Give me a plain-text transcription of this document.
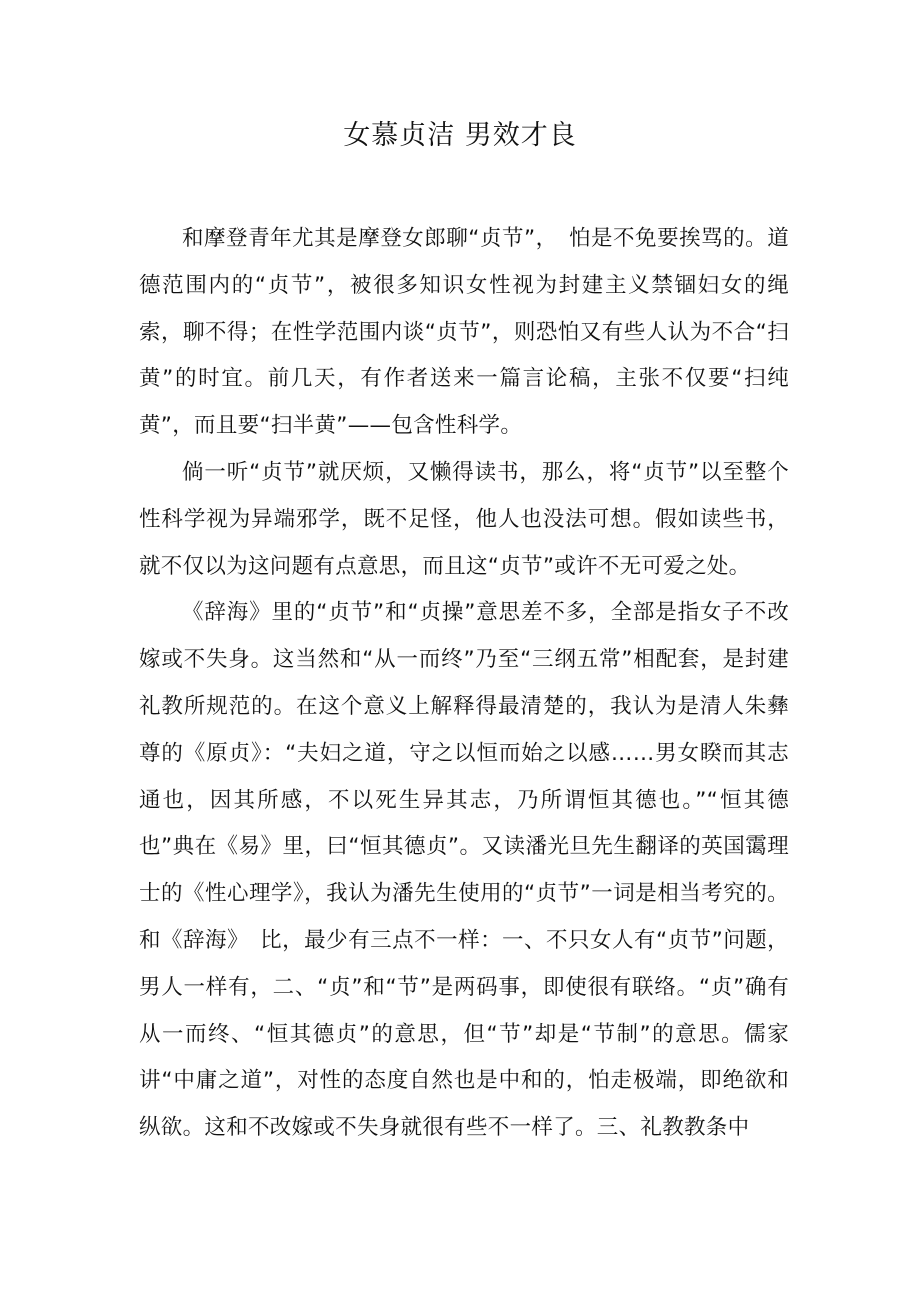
女慕贞洁 男效才良

和摩登青年尤其是摩登女郎聊“贞节”，　怕是不免要挨骂的。道德范围内的“贞节”，被很多知识女性视为封建主义禁锢妇女的绳索，聊不得；在性学范围内谈“贞节”，则恐怕又有些人认为不合“扫黄”的时宜。前几天，有作者送来一篇言论稿，主张不仅要“扫纯黄”，而且要“扫半黄”——包含性科学。

倘一听“贞节”就厌烦，又懒得读书，那么，将“贞节”以至整个性科学视为异端邪学，既不足怪，他人也没法可想。假如读些书，就不仅以为这问题有点意思，而且这“贞节”或许不无可爱之处。

《辞海》里的“贞节”和“贞操”意思差不多，全部是指女子不改嫁或不失身。这当然和“从一而终”乃至“三纲五常”相配套，是封建礼教所规范的。在这个意义上解释得最清楚的，我认为是清人朱彝尊的《原贞》：“夫妇之道，守之以恒而始之以感……男女睽而其志通也，因其所感，不以死生异其志，乃所谓恒其德也。”“恒其德也”典在《易》里，曰“恒其德贞”。又读潘光旦先生翻译的英国霭理士的《性心理学》，我认为潘先生使用的“贞节”一词是相当考究的。和《辞海》　比，最少有三点不一样：一、不只女人有“贞节”问题，男人一样有，二、“贞”和“节”是两码事，即使很有联络。“贞”确有从一而终、“恒其德贞”的意思，但“节”却是“节制”的意思。儒家讲“中庸之道”，对性的态度自然也是中和的，怕走极端，即绝欲和纵欲。这和不改嫁或不失身就很有些不一样了。三、礼教教条中
